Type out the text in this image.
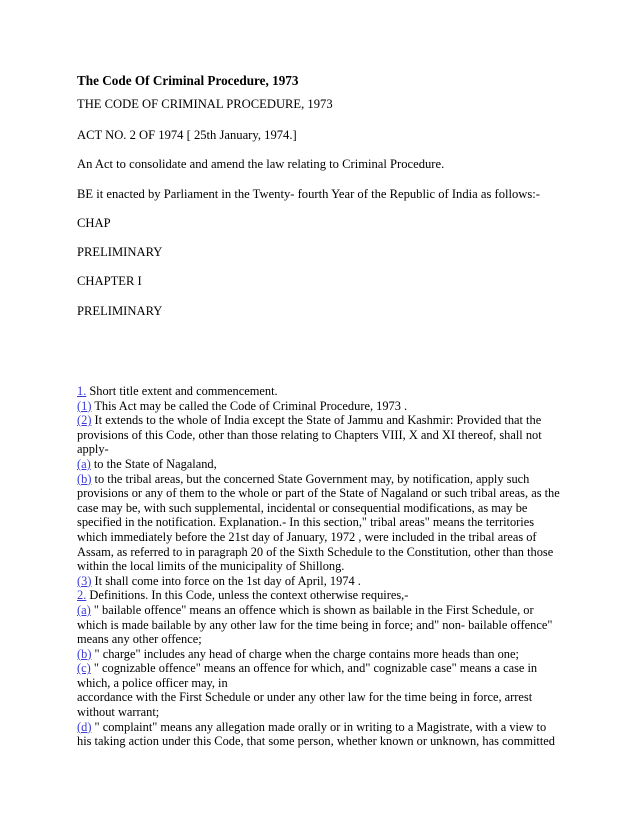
The Code Of Criminal Procedure, 1973
THE CODE OF CRIMINAL PROCEDURE, 1973
ACT NO. 2 OF 1974 [ 25th January, 1974.]
An Act to consolidate and amend the law relating to Criminal Procedure.
BE it enacted by Parliament in the Twenty- fourth Year of the Republic of India as follows:-
CHAP
PRELIMINARY
CHAPTER I
PRELIMINARY
1. Short title extent and commencement.
(1) This Act may be called the Code of Criminal Procedure, 1973 .
(2) It extends to the whole of India except the State of Jammu and Kashmir: Provided that the
provisions of this Code, other than those relating to Chapters VIII, X and XI thereof, shall not
apply-
(a) to the State of Nagaland,
(b) to the tribal areas, but the concerned State Government may, by notification, apply such
provisions or any of them to the whole or part of the State of Nagaland or such tribal areas, as the
case may be, with such supplemental, incidental or consequential modifications, as may be
specified in the notification. Explanation.- In this section," tribal areas" means the territories
which immediately before the 21st day of January, 1972 , were included in the tribal areas of
Assam, as referred to in paragraph 20 of the Sixth Schedule to the Constitution, other than those
within the local limits of the municipality of Shillong.
(3) It shall come into force on the 1st day of April, 1974 .
2. Definitions. In this Code, unless the context otherwise requires,-
(a) " bailable offence" means an offence which is shown as bailable in the First Schedule, or
which is made bailable by any other law for the time being in force; and" non- bailable offence"
means any other offence;
(b) " charge" includes any head of charge when the charge contains more heads than one;
(c) " cognizable offence" means an offence for which, and" cognizable case" means a case in
which, a police officer may, in
accordance with the First Schedule or under any other law for the time being in force, arrest
without warrant;
(d) " complaint" means any allegation made orally or in writing to a Magistrate, with a view to
his taking action under this Code, that some person, whether known or unknown, has committed
